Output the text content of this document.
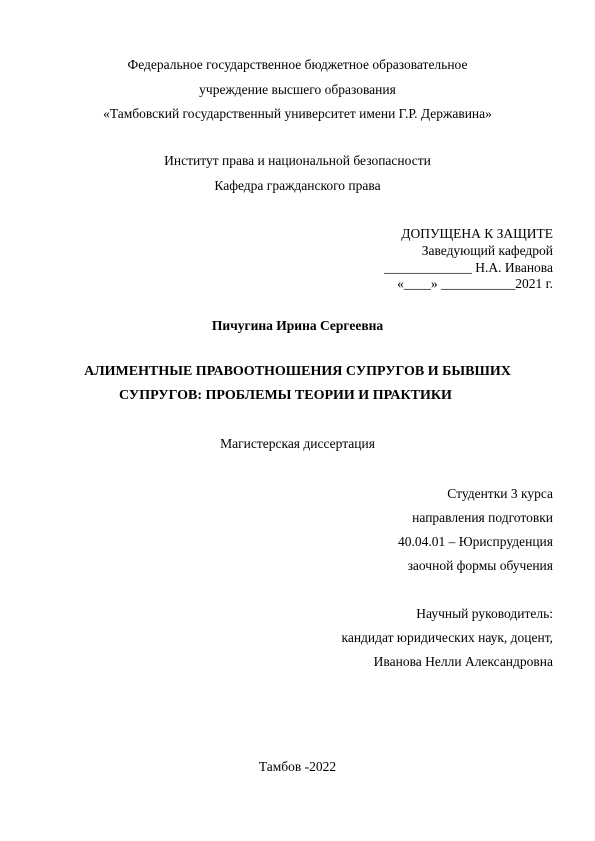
Федеральное государственное бюджетное образовательное
учреждение высшего образования
«Тамбовский государственный университет имени Г.Р. Державина»
Институт права и национальной безопасности
Кафедра гражданского права
ДОПУЩЕНА К ЗАЩИТЕ
Заведующий кафедрой
_____________ Н.А. Иванова
«____» ___________2021 г.
Пичугина Ирина Сергеевна
АЛИМЕНТНЫЕ ПРАВООТНОШЕНИЯ СУПРУГОВ И БЫВШИХ
СУПРУГОВ: ПРОБЛЕМЫ ТЕОРИИ И ПРАКТИКИ
Магистерская диссертация
Студентки 3 курса
направления подготовки
40.04.01 – Юриспруденция
заочной формы обучения
Научный руководитель:
кандидат юридических наук, доцент,
Иванова Нелли Александровна
Тамбов -2022
